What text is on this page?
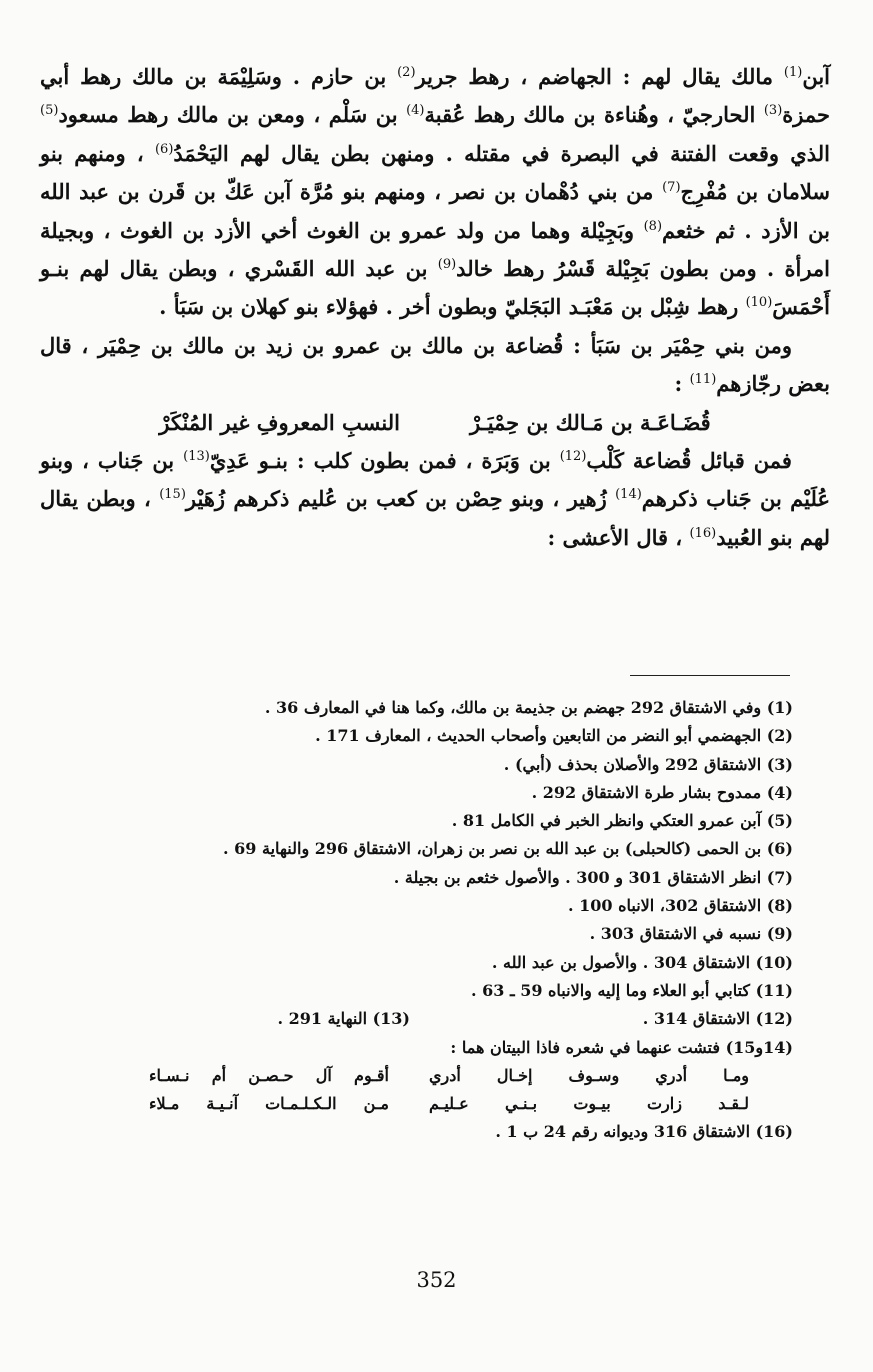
آبن$^{(1)}$ مالك يقال لهم : الجهاضم ، رهط جرير$^{(2)}$ بن حازم . وسَلِيْمَة بن مالك رهط أبي حمزة$^{(3)}$ الحارجيّ ، وهُناءة بن مالك رهط عُقبة$^{(4)}$ بن سَلْم ، ومعن بن مالك رهط مسعود$^{(5)}$ الذي وقعت الفتنة في البصرة في مقتله . ومنهن بطن يقال لهم اليَحْمَدُ$^{(6)}$ ، ومنهم بنو سلامان بن مُفْرِج$^{(7)}$ من بني دُهْمان بن نصر ، ومنهم بنو مُرَّة آبن عَكّ بن قَرن بن عبد الله بن الأزد . ثم خثعم$^{(8)}$ وبَجِيْلة وهما من ولد عمرو بن الغوث أخي الأزد بن الغوث ، وبجيلة امرأة . ومن بطون بَجِيْلة قَسْرُ رهط خالد$^{(9)}$ بن عبد الله القَسْري ، وبطن يقال لهم بنـو أَحْمَسَ$^{(10)}$ رهط شِبْل بن مَعْبَـد البَجَليّ وبطون أخر . فهؤلاء بنو كهلان بن سَبَأ .

ومن بني حِمْيَر بن سَبَأ : قُضاعة بن مالك بن عمرو بن زيد بن مالك بن حِمْيَر ، قال بعض رجّازهم$^{(11)}$ :

قُضَـاعَـة بن مَـالك بن حِمْيَـرْ
النسبِ المعروفِ غير المُنْكَرْ

فمن قبائل قُضاعة كَلْب$^{(12)}$ بن وَبَرَة ، فمن بطون كلب : بنـو عَدِيّ$^{(13)}$ بن جَناب ، وبنو عُلَيْم بن جَناب ذكرهم$^{(14)}$ زُهير ، وبنو حِصْن بن كعب بن عُليم ذكرهم زُهَيْر$^{(15)}$ ، وبطن يقال لهم بنو العُبيد$^{(16)}$ ، قال الأعشى :

(1) وفي الاشتقاق 292 جهضم بن جذيمة بن مالك، وكما هنا في المعارف 36 .

(2) الجهضمي أبو النضر من التابعين وأصحاب الحديث ، المعارف 171 .

(3) الاشتقاق 292 والأصلان بحذف (أبي) .

(4) ممدوح بشار طرة الاشتقاق 292 .

(5) آبن عمرو العتكي وانظر الخبر في الكامل 81 .

(6) بن الحمى (كالحبلى) بن عبد الله بن نصر بن زهران، الاشتقاق 296 والنهاية 69 .

(7) انظر الاشتقاق 301 و 300 . والأصول خثعم بن بجيلة .

(8) الاشتقاق 302، الانباه 100 .

(9) نسبه في الاشتقاق 303 .

(10) الاشتقاق 304 . والأصول بن عبد الله .

(11) كتابي أبو العلاء وما إليه والانباه 59 ـ 63 .

(12) الاشتقاق 314 .

(13) النهاية 291 .

(14و15) فتشت عنهما في شعره فاذا البيتان هما :

ومـا أدري وسـوف إخـال أدري
أقـوم آل حـصـن أم نـسـاء
لـقـد زارت بيـوت بـنـي عـليـم
مـن الـكـلـمـات آنـيـة مـلاء

(16) الاشتقاق 316 وديوانه رقم 24 ب 1 .

352
